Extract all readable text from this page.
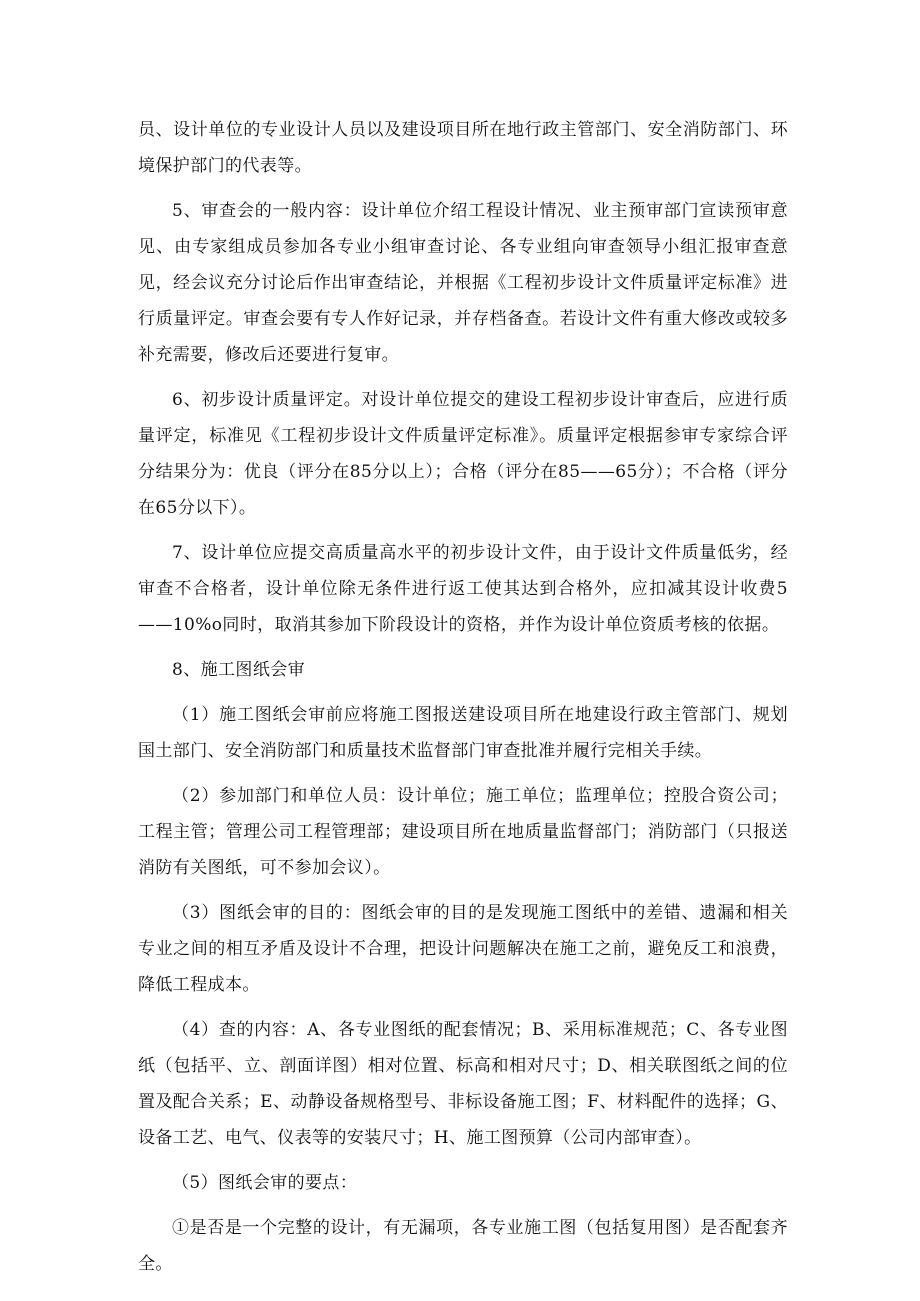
员、设计单位的专业设计人员以及建设项目所在地行政主管部门、安全消防部门、环境保护部门的代表等。

5、审查会的一般内容：设计单位介绍工程设计情况、业主预审部门宣读预审意见、由专家组成员参加各专业小组审查讨论、各专业组向审查领导小组汇报审查意见，经会议充分讨论后作出审查结论，并根据《工程初步设计文件质量评定标准》进行质量评定。审查会要有专人作好记录，并存档备查。若设计文件有重大修改或较多补充需要，修改后还要进行复审。

6、初步设计质量评定。对设计单位提交的建设工程初步设计审查后，应进行质量评定，标准见《工程初步设计文件质量评定标准》。质量评定根据参审专家综合评分结果分为：优良（评分在85分以上）；合格（评分在85——65分）；不合格（评分在65分以下）。

7、设计单位应提交高质量高水平的初步设计文件，由于设计文件质量低劣，经审查不合格者，设计单位除无条件进行返工使其达到合格外，应扣减其设计收费5——10%o同时，取消其参加下阶段设计的资格，并作为设计单位资质考核的依据。

8、施工图纸会审

（1）施工图纸会审前应将施工图报送建设项目所在地建设行政主管部门、规划国土部门、安全消防部门和质量技术监督部门审查批准并履行完相关手续。

（2）参加部门和单位人员：设计单位；施工单位；监理单位；控股合资公司；工程主管；管理公司工程管理部；建设项目所在地质量监督部门；消防部门（只报送消防有关图纸，可不参加会议）。

（3）图纸会审的目的：图纸会审的目的是发现施工图纸中的差错、遗漏和相关专业之间的相互矛盾及设计不合理，把设计问题解决在施工之前，避免反工和浪费，降低工程成本。

（4）查的内容：A、各专业图纸的配套情况；B、采用标准规范；C、各专业图纸（包括平、立、剖面详图）相对位置、标高和相对尺寸；D、相关联图纸之间的位置及配合关系；E、动静设备规格型号、非标设备施工图；F、材料配件的选择；G、设备工艺、电气、仪表等的安装尺寸；H、施工图预算（公司内部审查）。

（5）图纸会审的要点：

①是否是一个完整的设计，有无漏项，各专业施工图（包括复用图）是否配套齐全。
